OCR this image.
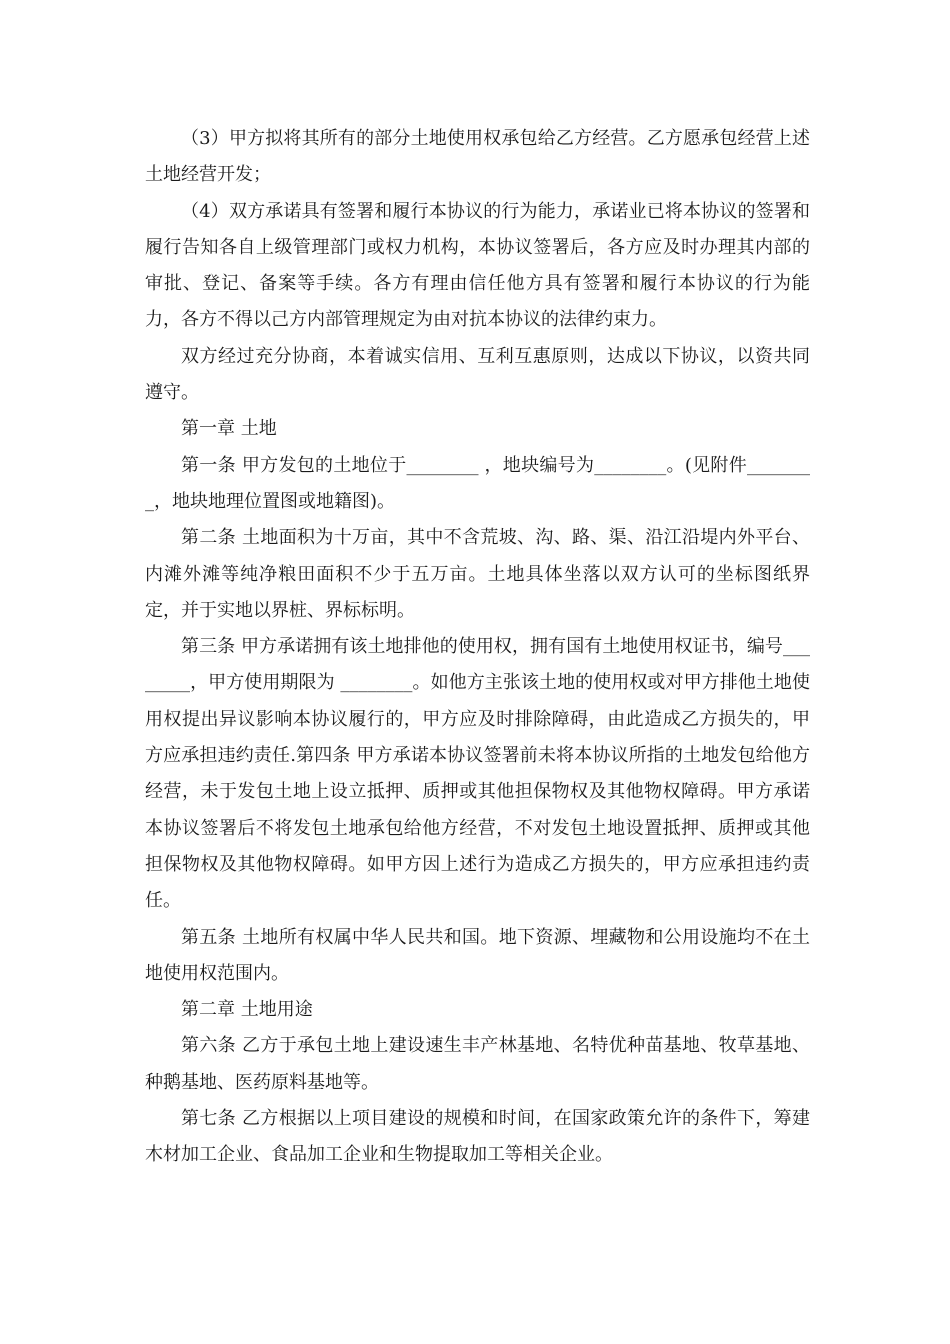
（3）甲方拟将其所有的部分土地使用权承包给乙方经营。乙方愿承包经营上述土地经营开发；

（4）双方承诺具有签署和履行本协议的行为能力，承诺业已将本协议的签署和履行告知各自上级管理部门或权力机构，本协议签署后，各方应及时办理其内部的审批、登记、备案等手续。各方有理由信任他方具有签署和履行本协议的行为能力，各方不得以己方内部管理规定为由对抗本协议的法律约束力。

双方经过充分协商，本着诚实信用、互利互惠原则，达成以下协议，以资共同遵守。

第一章 土地

第一条 甲方发包的土地位于________ ，地块编号为________。(见附件________，地块地理位置图或地籍图)。

第二条 土地面积为十万亩，其中不含荒坡、沟、路、渠、沿江沿堤内外平台、内滩外滩等纯净粮田面积不少于五万亩。土地具体坐落以双方认可的坐标图纸界定，并于实地以界桩、界标标明。

第三条 甲方承诺拥有该土地排他的使用权，拥有国有土地使用权证书，编号________，甲方使用期限为 ________。如他方主张该土地的使用权或对甲方排他土地使用权提出异议影响本协议履行的，甲方应及时排除障碍，由此造成乙方损失的，甲方应承担违约责任.第四条 甲方承诺本协议签署前未将本协议所指的土地发包给他方经营，未于发包土地上设立抵押、质押或其他担保物权及其他物权障碍。甲方承诺本协议签署后不将发包土地承包给他方经营，不对发包土地设置抵押、质押或其他担保物权及其他物权障碍。如甲方因上述行为造成乙方损失的，甲方应承担违约责任。

第五条 土地所有权属中华人民共和国。地下资源、埋藏物和公用设施均不在土地使用权范围内。

第二章 土地用途

第六条 乙方于承包土地上建设速生丰产林基地、名特优种苗基地、牧草基地、种鹅基地、医药原料基地等。

第七条 乙方根据以上项目建设的规模和时间，在国家政策允许的条件下，筹建木材加工企业、食品加工企业和生物提取加工等相关企业。
